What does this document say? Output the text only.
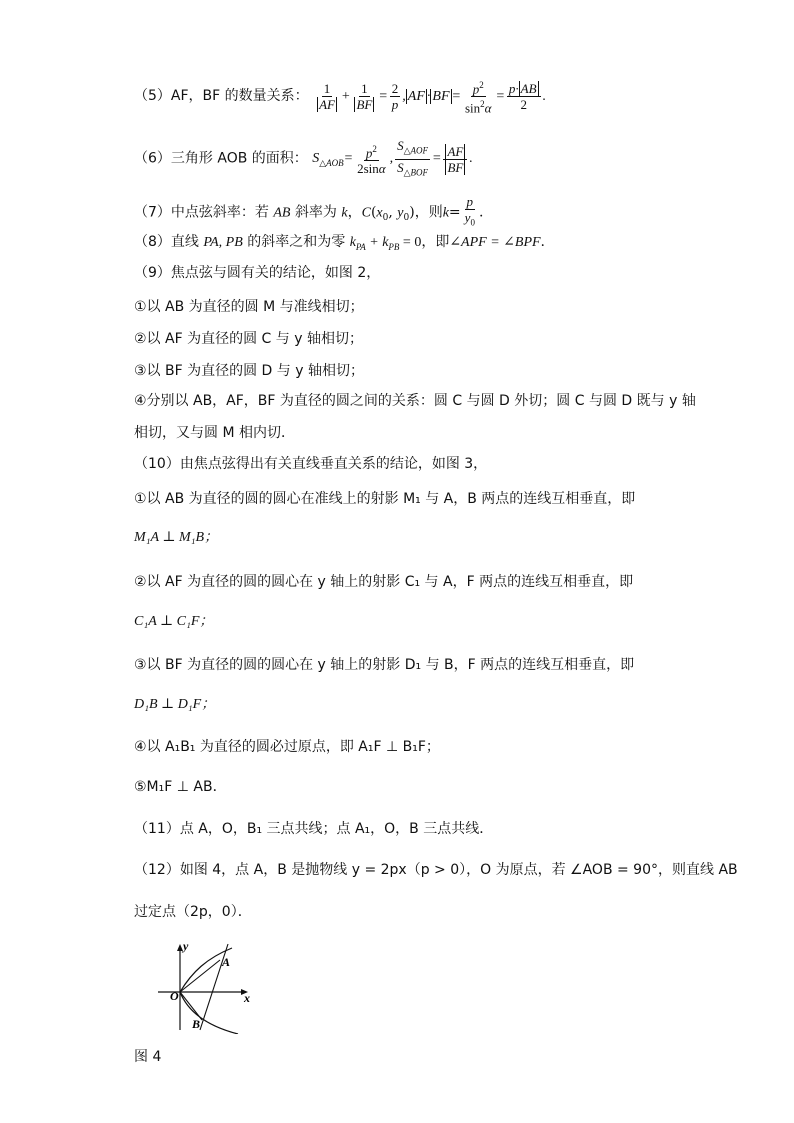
（5）AF，BF 的数量关系： $\frac{1}{AF} + \frac{1}{BF} = \frac{2}{p}$ , AF · BF = $\frac{p^2}{\sin^2\alpha} = \frac{p\cdot AB}{2}$ .
（6）三角形 AOB 的面积： $S_{\triangle AOB}= \frac{p^2}{2\sin\alpha}$ , $\frac{S_{\triangle AOF}}{S_{\triangle BOF}} = \frac{AF}{BF}$ .
（7）中点弦斜率：若 AB 斜率为 k，$C(x_0$, $y_0$)，则$k= \frac{p}{y_0}$ .
（8）直线 PA, PB 的斜率之和为零 $k_{PA} + k_{PB} = 0$，即∠APF = ∠BPF.
（9）焦点弦与圆有关的结论，如图 2，
①以 AB 为直径的圆 M 与准线相切；
②以 AF 为直径的圆 C 与 y 轴相切；
③以 BF 为直径的圆 D 与 y 轴相切；
④分别以 AB，AF，BF 为直径的圆之间的关系：圆 C 与圆 D 外切；圆 C 与圆 D 既与 y 轴
相切，又与圆 M 相内切．
（10）由焦点弦得出有关直线垂直关系的结论，如图 3，
①以 AB 为直径的圆的圆心在准线上的射影 M₁ 与 A，B 两点的连线互相垂直，即
M₁A ⊥ M₁B；
②以 AF 为直径的圆的圆心在 y 轴上的射影 C₁ 与 A，F 两点的连线互相垂直，即
C₁A ⊥ C₁F；
③以 BF 为直径的圆的圆心在 y 轴上的射影 D₁ 与 B，F 两点的连线互相垂直，即
D₁B ⊥ D₁F；
④以 A₁B₁ 为直径的圆必过原点，即 A₁F ⊥ B₁F；
⑤M₁F ⊥ AB．
（11）点 A，O，B₁ 三点共线；点 A₁，O，B 三点共线．
（12）如图 4，点 A，B 是抛物线 y = 2px（p > 0），O 为原点，若 ∠AOB = 90°，则直线 AB
过定点（2p，0）．
y
x
O
A
B
图 4
